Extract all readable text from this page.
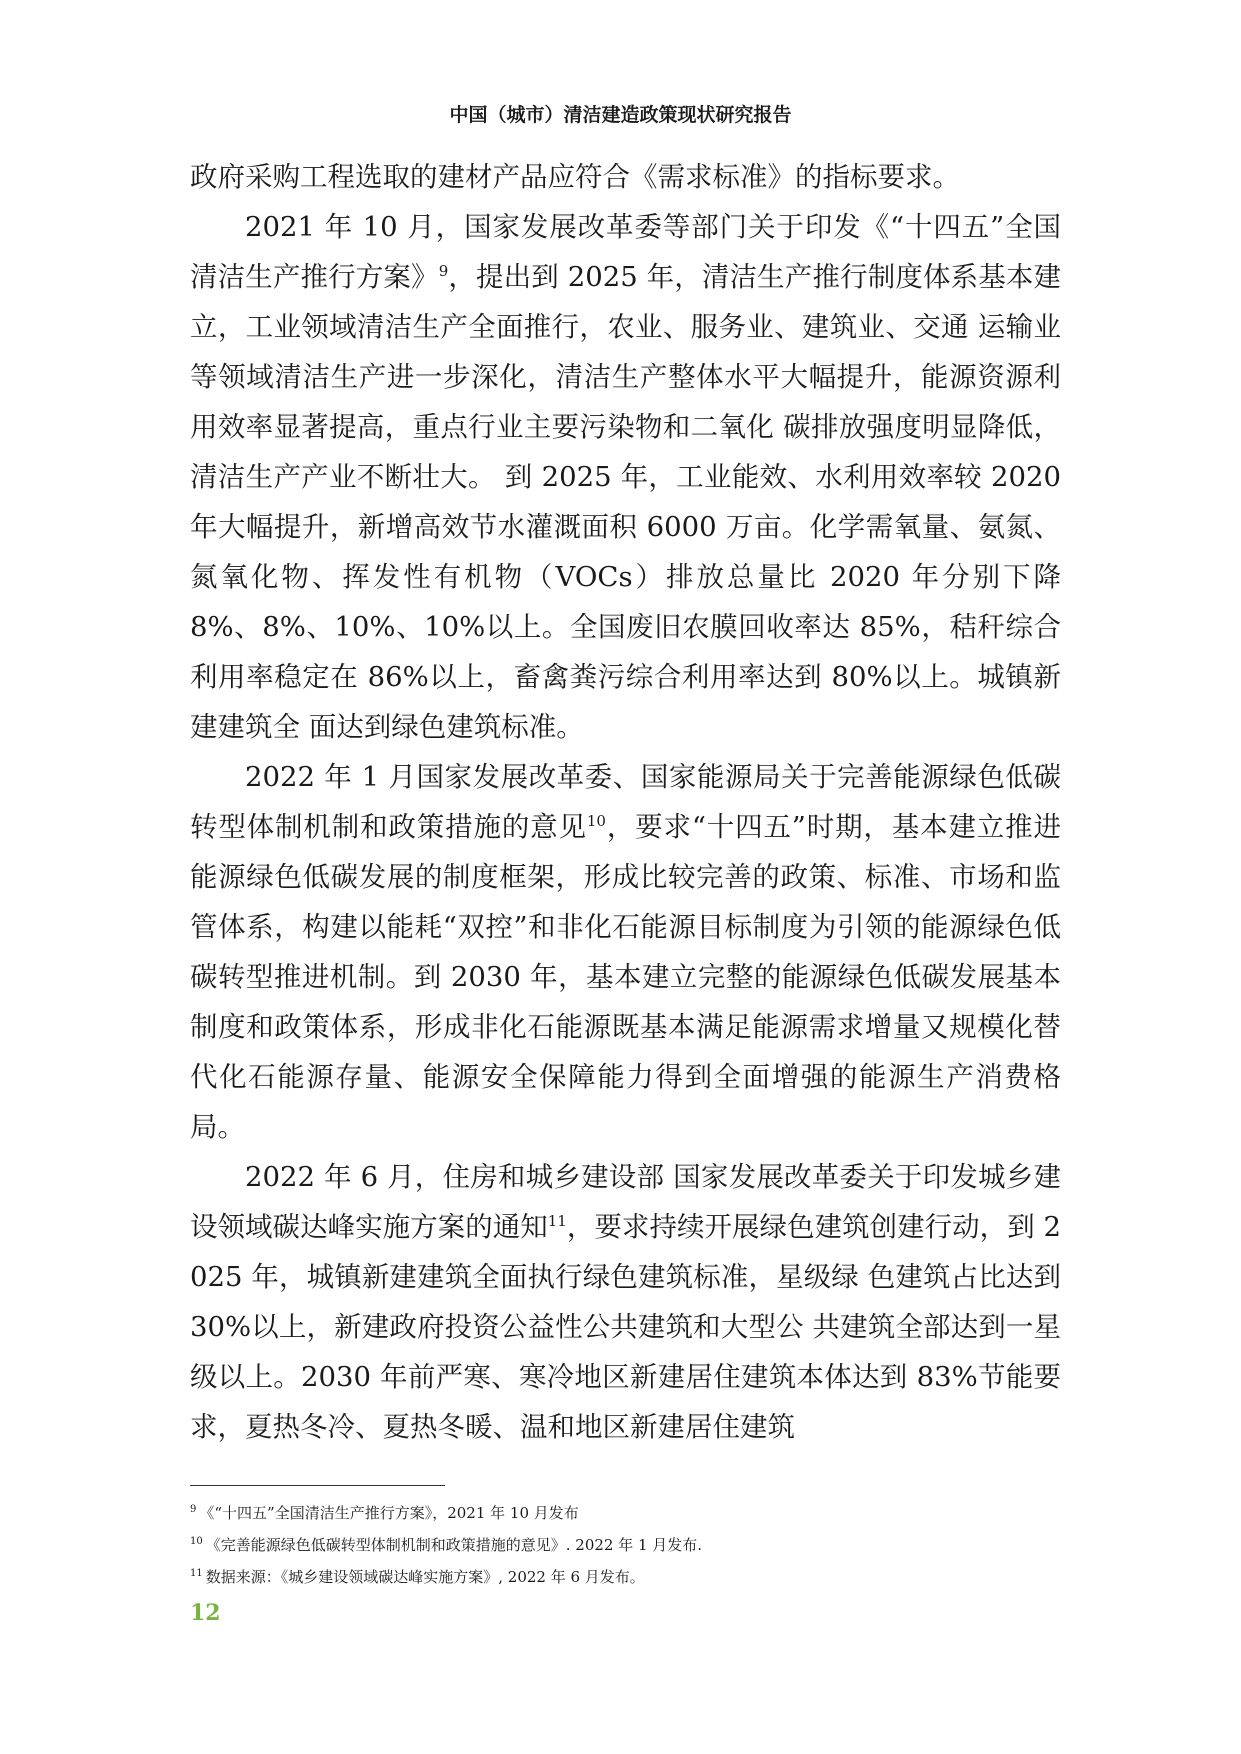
中国（城市）清洁建造政策现状研究报告

政府采购工程选取的建材产品应符合《需求标准》的指标要求。

2021 年 10 月，国家发展改革委等部门关于印发《“十四五”全国清洁生产推行方案》$^9$，提出到 2025 年，清洁生产推行制度体系基本建立，工业领域清洁生产全面推行，农业、服务业、建筑业、交通 运输业等领域清洁生产进一步深化，清洁生产整体水平大幅提升，能源资源利用效率显著提高，重点行业主要污染物和二氧化 碳排放强度明显降低，清洁生产产业不断壮大。 到 2025 年，工业能效、水利用效率较 2020 年大幅提升，新增高效节水灌溉面积 6000 万亩。化学需氧量、氨氮、氮氧化物、挥发性有机物（VOCs）排放总量比 2020 年分别下降 8%、8%、10%、10%以上。全国废旧农膜回收率达 85%，秸秆综合利用率稳定在 86%以上，畜禽粪污综合利用率达到 80%以上。城镇新建建筑全 面达到绿色建筑标准。

2022 年 1 月国家发展改革委、国家能源局关于完善能源绿色低碳转型体制机制和政策措施的意见$^{10}$，要求“十四五”时期，基本建立推进能源绿色低碳发展的制度框架，形成比较完善的政策、标准、市场和监管体系，构建以能耗“双控”和非化石能源目标制度为引领的能源绿色低碳转型推进机制。到 2030 年，基本建立完整的能源绿色低碳发展基本制度和政策体系，形成非化石能源既基本满足能源需求增量又规模化替代化石能源存量、能源安全保障能力得到全面增强的能源生产消费格局。

2022 年 6 月，住房和城乡建设部 国家发展改革委关于印发城乡建设领域碳达峰实施方案的通知$^{11}$，要求持续开展绿色建筑创建行动，到 2025 年，城镇新建建筑全面执行绿色建筑标准，星级绿 色建筑占比达到 30%以上，新建政府投资公益性公共建筑和大型公 共建筑全部达到一星级以上。2030 年前严寒、寒冷地区新建居住建筑本体达到 83%节能要求，夏热冬冷、夏热冬暖、温和地区新建居住建筑

$^9$ 《“十四五”全国清洁生产推行方案》，2021 年 10 月发布
$^{10}$ 《完善能源绿色低碳转型体制机制和政策措施的意见》. 2022 年 1 月发布.
$^{11}$ 数据来源：《城乡建设领域碳达峰实施方案》, 2022 年 6 月发布。
12
